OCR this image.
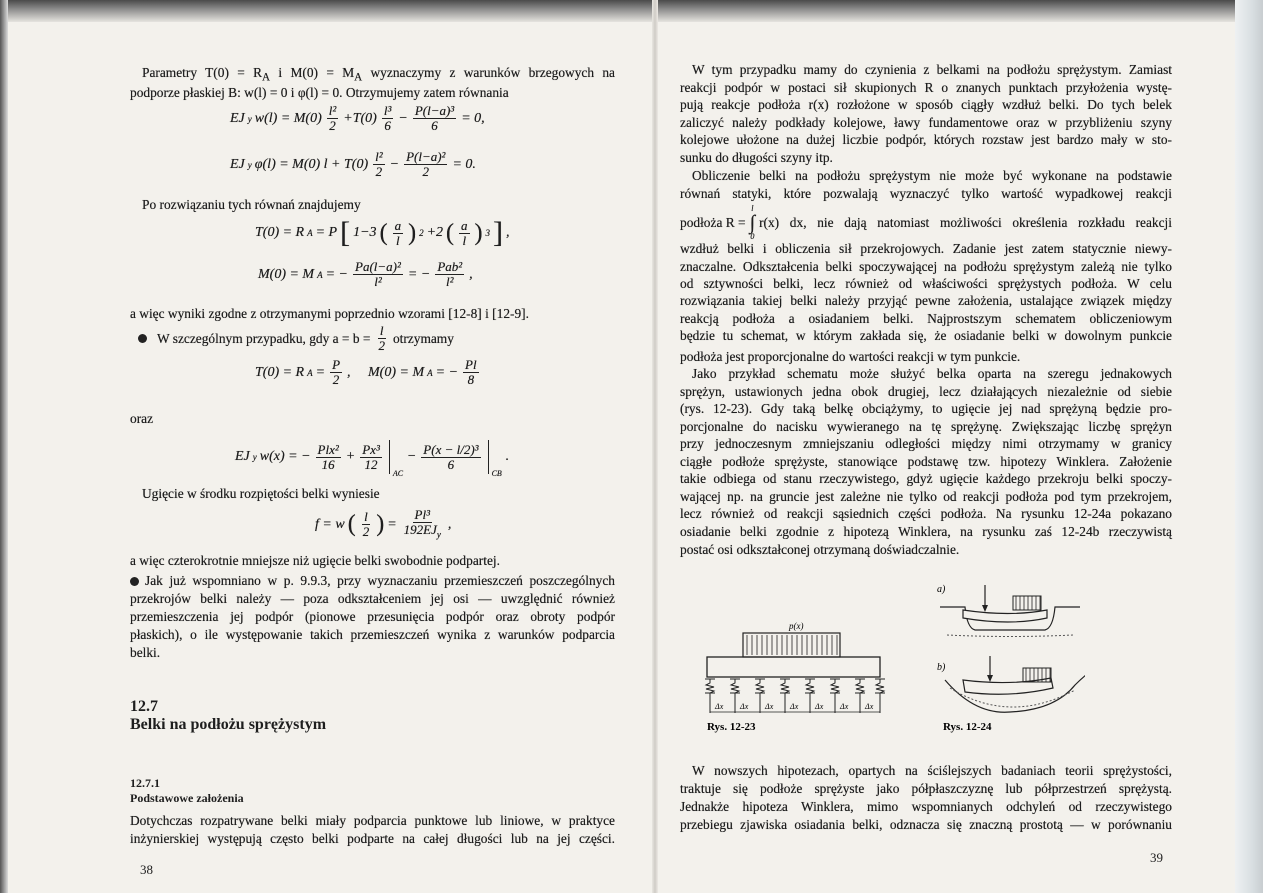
Parametry $T(0) = R_A$ i $M(0) = M_A$ wyznaczymy z warunków brzegowych na
podporze płaskiej B: w(l) = 0 i φ(l) = 0. Otrzymujemy zatem równania
EJ y $w(l) = M(0) \frac{\text{l²}}{2} +T(0) \frac{\text{l³}}{6} - \frac{\text{P(l−a)³}}{6} = 0$,
EJ y φ(l) = M(0) $l + T(0) \frac{\text{l²}}{2} - \frac{\text{P(l−a)²}}{2} = 0$.
Po rozwiązaniu tych równań znajdujemy
T(0) = R A = P [ 1−3 ( $\frac{a}{l}$ ) 2 +2 ( $\frac{a}{l}$ ) 3 ] ,
M(0) = M A = − $\frac{\text{Pa(l−a)²}}{\text{l²}}$ = − $\frac{\text{Pab²}}{\text{l²}}$ ,
a więc wyniki zgodne z otrzymanymi poprzednio wzorami [12-8] i [12-9].
W szczególnym przypadku, gdy $a = b = \frac{l}{2}$ otrzymamy
T(0) = R $A = \frac{P}{2}$ ,     M(0) = M A = − $\frac{Pl}{8}$
oraz
EJ y w(x) = − $\frac{\text{Plx²}}{16} + \frac{\text{Px³}}{12}$
AC
− $\frac{\text{P(x − l/2)³}}{6}$
CB
.
Ugięcie w środku rozpiętości belki wyniesie
f = w ( $\frac{l}{2}$ ) = $\frac{\text{Pl³}}{192EJ_y}$ ,
a więc czterokrotnie mniejsze niż ugięcie belki swobodnie podpartej.
Jak już wspomniano w p. 9.9.3, przy wyznaczaniu przemieszczeń poszczególnych
przekrojów belki należy — poza odkształceniem jej osi — uwzględnić również
przemieszczenia jej podpór (pionowe przesunięcia podpór oraz obroty podpór
płaskich), o ile występowanie takich przemieszczeń wynika z warunków podparcia
belki.
12.7
Belki na podłożu sprężystym
12.7.1
Podstawowe założenia
Dotychczas rozpatrywane belki miały podparcia punktowe lub liniowe, w praktyce
inżynierskiej występują często belki podparte na całej długości lub na jej części.
38
W tym przypadku mamy do czynienia z belkami na podłożu sprężystym. Zamiast
reakcji podpór w postaci sił skupionych R o znanych punktach przyłożenia wystę-
pują reakcje podłoża r(x) rozłożone w sposób ciągły wzdłuż belki. Do tych belek
zaliczyć należy podkłady kolejowe, ławy fundamentowe oraz w przybliżeniu szyny
kolejowe ułożone na dużej liczbie podpór, których rozstaw jest bardzo mały w sto-
sunku do długości szyny itp.
Obliczenie belki na podłożu sprężystym nie może być wykonane na podstawie
równań statyki, które pozwalają wyznaczyć tylko wartość wypadkowej reakcji
podłoża R =
l
∫
0
r(x) dx, nie dają natomiast możliwości określenia rozkładu reakcji
wzdłuż belki i obliczenia sił przekrojowych. Zadanie jest zatem statycznie niewy-
znaczalne. Odkształcenia belki spoczywającej na podłożu sprężystym zależą nie tylko
od sztywności belki, lecz również od właściwości sprężystych podłoża. W celu
rozwiązania takiej belki należy przyjąć pewne założenia, ustalające związek między
reakcją podłoża a osiadaniem belki. Najprostszym schematem obliczeniowym
będzie tu schemat, w którym zakłada się, że osiadanie belki w dowolnym punkcie
podłoża jest proporcjonalne do wartości reakcji w tym punkcie.
Jako przykład schematu może służyć belka oparta na szeregu jednakowych
sprężyn, ustawionych jedna obok drugiej, lecz działających niezależnie od siebie
(rys. 12-23). Gdy taką belkę obciążymy, to ugięcie jej nad sprężyną będzie pro-
porcjonalne do nacisku wywieranego na tę sprężynę. Zwiększając liczbę sprężyn
przy jednoczesnym zmniejszaniu odległości między nimi otrzymamy w granicy
ciągłe podłoże sprężyste, stanowiące podstawę tzw. hipotezy Winklera. Założenie
takie odbiega od stanu rzeczywistego, gdyż ugięcie każdego przekroju belki spoczy-
wającej np. na gruncie jest zależne nie tylko od reakcji podłoża pod tym przekrojem,
lecz również od reakcji sąsiednich części podłoża. Na rysunku 12-24a pokazano
osiadanie belki zgodnie z hipotezą Winklera, na rysunku zaś 12-24b rzeczywistą
postać osi odkształconej otrzymaną doświadczalnie.
p(x)
Δx Δx Δx Δx Δx Δx Δx
Rys. 12-23
a)
b)
Rys. 12-24
W nowszych hipotezach, opartych na ściślejszych badaniach teorii sprężystości,
traktuje się podłoże sprężyste jako półpłaszczyznę lub półprzestrzeń sprężystą.
Jednakże hipoteza Winklera, mimo wspomnianych odchyleń od rzeczywistego
przebiegu zjawiska osiadania belki, odznacza się znaczną prostotą — w porównaniu
39
